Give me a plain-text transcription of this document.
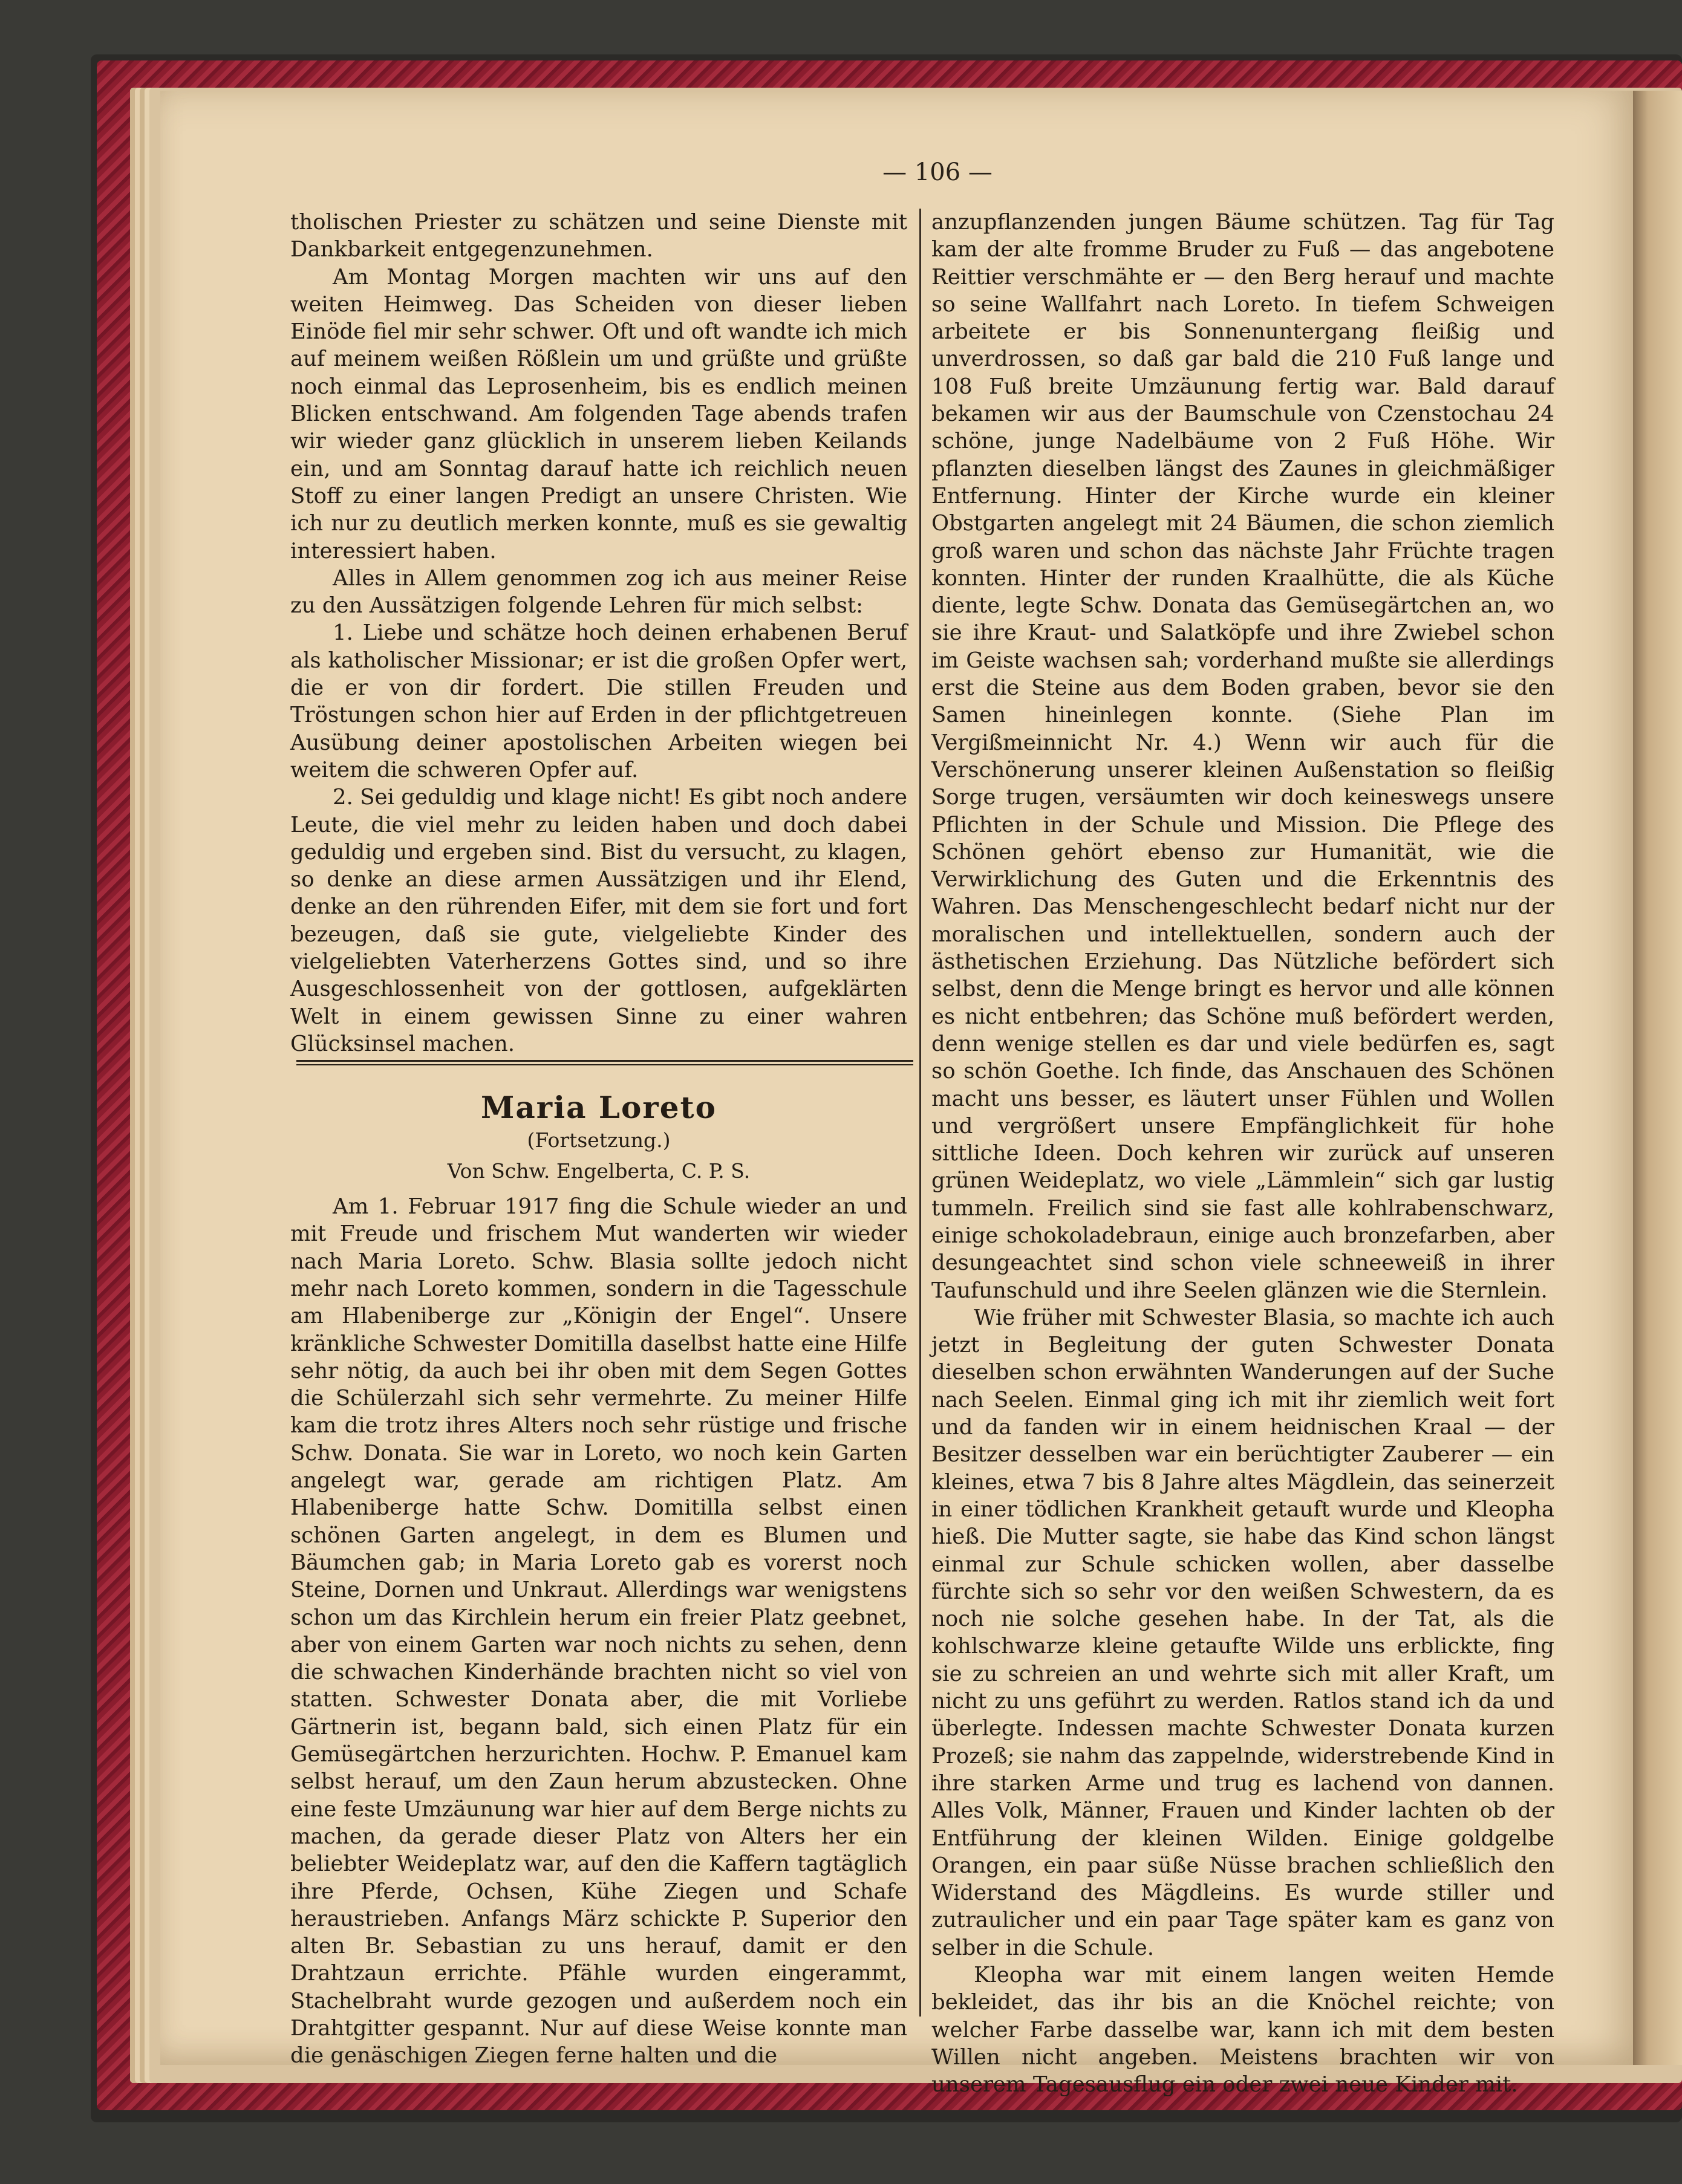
— 106 —

tholischen Priester zu schätzen und seine Dienste mit Dankbarkeit entgegenzunehmen.

Am Montag Morgen machten wir uns auf den weiten Heimweg. Das Scheiden von dieser lieben Einöde fiel mir sehr schwer. Oft und oft wandte ich mich auf meinem weißen Rößlein um und grüßte und grüßte noch einmal das Leprosenheim, bis es endlich meinen Blicken entschwand. Am folgenden Tage abends trafen wir wieder ganz glücklich in unserem lieben Keilands ein, und am Sonntag darauf hatte ich reichlich neuen Stoff zu einer langen Predigt an unsere Christen. Wie ich nur zu deutlich merken konnte, muß es sie gewaltig interessiert haben.

Alles in Allem genommen zog ich aus meiner Reise zu den Aussätzigen folgende Lehren für mich selbst:

1. Liebe und schätze hoch deinen erhabenen Beruf als katholischer Missionar; er ist die großen Opfer wert, die er von dir fordert. Die stillen Freuden und Tröstungen schon hier auf Erden in der pflichtgetreuen Ausübung deiner apostolischen Arbeiten wiegen bei weitem die schweren Opfer auf.

2. Sei geduldig und klage nicht! Es gibt noch andere Leute, die viel mehr zu leiden haben und doch dabei geduldig und ergeben sind. Bist du versucht, zu klagen, so denke an diese armen Aussätzigen und ihr Elend, denke an den rührenden Eifer, mit dem sie fort und fort bezeugen, daß sie gute, vielgeliebte Kinder des vielgeliebten Vaterherzens Gottes sind, und so ihre Ausgeschlossenheit von der gottlosen, aufgeklärten Welt in einem gewissen Sinne zu einer wahren Glücksinsel machen.

Maria Loreto
(Fortsetzung.)
Von Schw. Engelberta, C. P. S.

Am 1. Februar 1917 fing die Schule wieder an und mit Freude und frischem Mut wanderten wir wieder nach Maria Loreto. Schw. Blasia sollte jedoch nicht mehr nach Loreto kommen, sondern in die Tagesschule am Hlabeniberge zur „Königin der Engel“. Unsere kränkliche Schwester Domitilla daselbst hatte eine Hilfe sehr nötig, da auch bei ihr oben mit dem Segen Gottes die Schülerzahl sich sehr vermehrte. Zu meiner Hilfe kam die trotz ihres Alters noch sehr rüstige und frische Schw. Donata. Sie war in Loreto, wo noch kein Garten angelegt war, gerade am richtigen Platz. Am Hlabeniberge hatte Schw. Domitilla selbst einen schönen Garten angelegt, in dem es Blumen und Bäumchen gab; in Maria Loreto gab es vorerst noch Steine, Dornen und Unkraut. Allerdings war wenigstens schon um das Kirchlein herum ein freier Platz geebnet, aber von einem Garten war noch nichts zu sehen, denn die schwachen Kinderhände brachten nicht so viel von statten. Schwester Donata aber, die mit Vorliebe Gärtnerin ist, begann bald, sich einen Platz für ein Gemüsegärtchen herzurichten. Hochw. P. Emanuel kam selbst herauf, um den Zaun herum abzustecken. Ohne eine feste Umzäunung war hier auf dem Berge nichts zu machen, da gerade dieser Platz von Alters her ein beliebter Weideplatz war, auf den die Kaffern tagtäglich ihre Pferde, Ochsen, Kühe Ziegen und Schafe heraustrieben. Anfangs März schickte P. Superior den alten Br. Sebastian zu uns herauf, damit er den Drahtzaun errichte. Pfähle wurden eingerammt, Stachelbraht wurde gezogen und außerdem noch ein Drahtgitter gespannt. Nur auf diese Weise konnte man die genäschigen Ziegen ferne halten und die

anzupflanzenden jungen Bäume schützen. Tag für Tag kam der alte fromme Bruder zu Fuß — das angebotene Reittier verschmähte er — den Berg herauf und machte so seine Wallfahrt nach Loreto. In tiefem Schweigen arbeitete er bis Sonnenuntergang fleißig und unverdrossen, so daß gar bald die 210 Fuß lange und 108 Fuß breite Umzäunung fertig war. Bald darauf bekamen wir aus der Baumschule von Czenstochau 24 schöne, junge Nadelbäume von 2 Fuß Höhe. Wir pflanzten dieselben längst des Zaunes in gleichmäßiger Entfernung. Hinter der Kirche wurde ein kleiner Obstgarten angelegt mit 24 Bäumen, die schon ziemlich groß waren und schon das nächste Jahr Früchte tragen konnten. Hinter der runden Kraalhütte, die als Küche diente, legte Schw. Donata das Gemüsegärtchen an, wo sie ihre Kraut- und Salatköpfe und ihre Zwiebel schon im Geiste wachsen sah; vorderhand mußte sie allerdings erst die Steine aus dem Boden graben, bevor sie den Samen hineinlegen konnte. (Siehe Plan im Vergißmeinnicht Nr. 4.) Wenn wir auch für die Verschönerung unserer kleinen Außenstation so fleißig Sorge trugen, versäumten wir doch keineswegs unsere Pflichten in der Schule und Mission. Die Pflege des Schönen gehört ebenso zur Humanität, wie die Verwirklichung des Guten und die Erkenntnis des Wahren. Das Menschengeschlecht bedarf nicht nur der moralischen und intellektuellen, sondern auch der ästhetischen Erziehung. Das Nützliche befördert sich selbst, denn die Menge bringt es hervor und alle können es nicht entbehren; das Schöne muß befördert werden, denn wenige stellen es dar und viele bedürfen es, sagt so schön Goethe. Ich finde, das Anschauen des Schönen macht uns besser, es läutert unser Fühlen und Wollen und vergrößert unsere Empfänglichkeit für hohe sittliche Ideen. Doch kehren wir zurück auf unseren grünen Weideplatz, wo viele „Lämmlein“ sich gar lustig tummeln. Freilich sind sie fast alle kohlrabenschwarz, einige schokoladebraun, einige auch bronzefarben, aber desungeachtet sind schon viele schneeweiß in ihrer Taufunschuld und ihre Seelen glänzen wie die Sternlein.

Wie früher mit Schwester Blasia, so machte ich auch jetzt in Begleitung der guten Schwester Donata dieselben schon erwähnten Wanderungen auf der Suche nach Seelen. Einmal ging ich mit ihr ziemlich weit fort und da fanden wir in einem heidnischen Kraal — der Besitzer desselben war ein berüchtigter Zauberer — ein kleines, etwa 7 bis 8 Jahre altes Mägdlein, das seinerzeit in einer tödlichen Krankheit getauft wurde und Kleopha hieß. Die Mutter sagte, sie habe das Kind schon längst einmal zur Schule schicken wollen, aber dasselbe fürchte sich so sehr vor den weißen Schwestern, da es noch nie solche gesehen habe. In der Tat, als die kohlschwarze kleine getaufte Wilde uns erblickte, fing sie zu schreien an und wehrte sich mit aller Kraft, um nicht zu uns geführt zu werden. Ratlos stand ich da und überlegte. Indessen machte Schwester Donata kurzen Prozeß; sie nahm das zappelnde, widerstrebende Kind in ihre starken Arme und trug es lachend von dannen. Alles Volk, Männer, Frauen und Kinder lachten ob der Entführung der kleinen Wilden. Einige goldgelbe Orangen, ein paar süße Nüsse brachen schließlich den Widerstand des Mägdleins. Es wurde stiller und zutraulicher und ein paar Tage später kam es ganz von selber in die Schule.

Kleopha war mit einem langen weiten Hemde bekleidet, das ihr bis an die Knöchel reichte; von welcher Farbe dasselbe war, kann ich mit dem besten Willen nicht angeben. Meistens brachten wir von unserem Tagesausflug ein oder zwei neue Kinder mit.
